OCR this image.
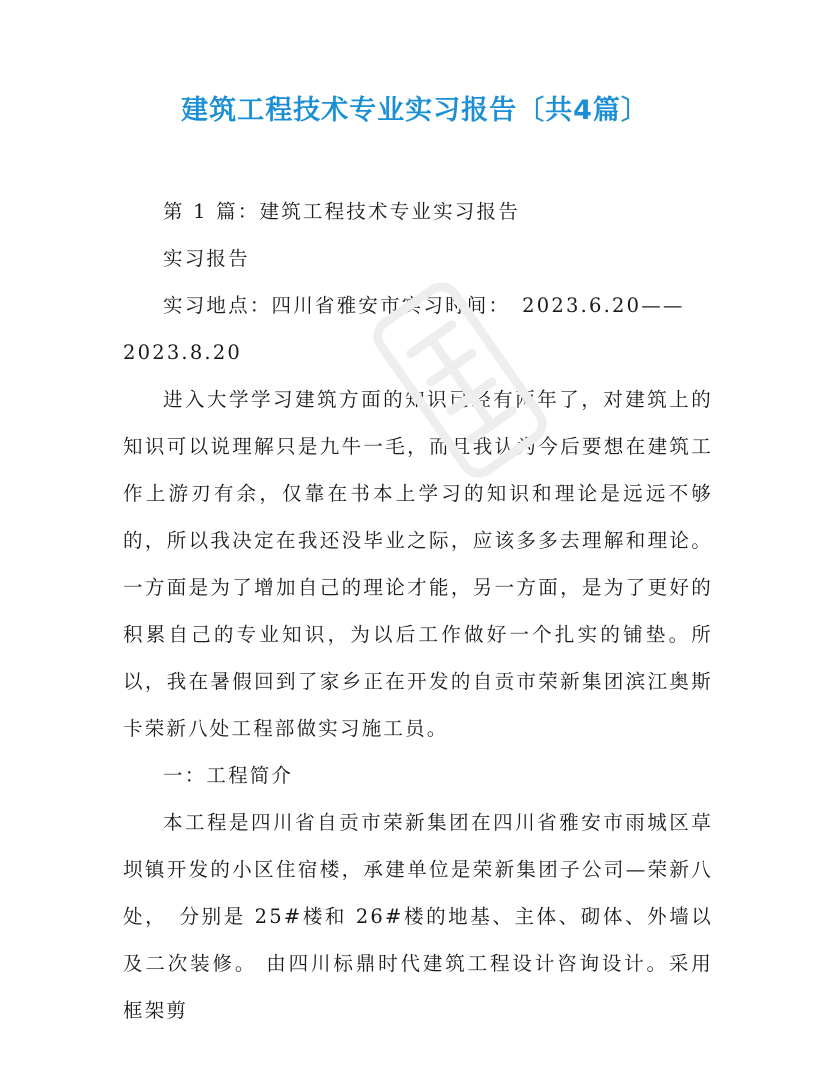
建筑工程技术专业实习报告〔共4篇〕

第 1 篇：建筑工程技术专业实习报告

实习报告

实习地点：四川省雅安市实习时间：　2023.6.20——

2023.8.20

进入大学学习建筑方面的知识已经有两年了，对建筑上的知识可以说理解只是九牛一毛，而且我认为今后要想在建筑工作上游刃有余，仅靠在书本上学习的知识和理论是远远不够的，所以我决定在我还没毕业之际，应该多多去理解和理论。一方面是为了增加自己的理论才能，另一方面，是为了更好的积累自己的专业知识，为以后工作做好一个扎实的铺垫。所以，我在暑假回到了家乡正在开发的自贡市荣新集团滨江奥斯卡荣新八处工程部做实习施工员。

一：工程简介

本工程是四川省自贡市荣新集团在四川省雅安市雨城区草坝镇开发的小区住宿楼，承建单位是荣新集团子公司—荣新八处，　分别是 25#楼和 26#楼的地基、主体、砌体、外墙以及二次装修。 由四川标鼎时代建筑工程设计咨询设计。采用框架剪
